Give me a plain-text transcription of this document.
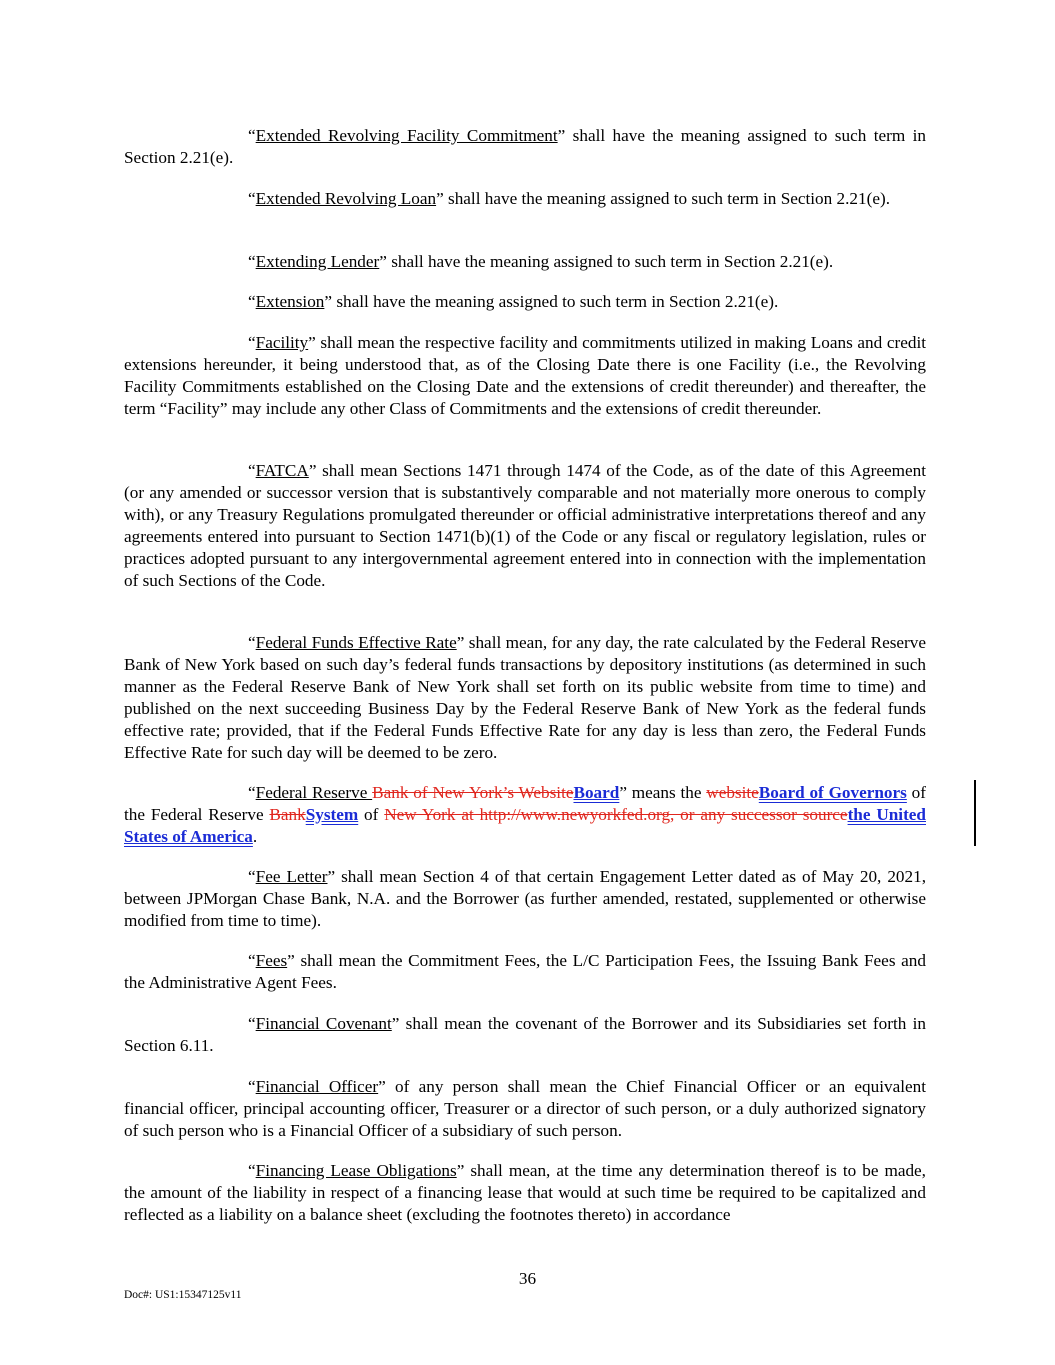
“Extended Revolving Facility Commitment” shall have the meaning assigned to such term in Section 2.21(e).

“Extended Revolving Loan” shall have the meaning assigned to such term in Section 2.21(e).

“Extending Lender” shall have the meaning assigned to such term in Section 2.21(e).

“Extension” shall have the meaning assigned to such term in Section 2.21(e).

“Facility” shall mean the respective facility and commitments utilized in making Loans and credit extensions hereunder, it being understood that, as of the Closing Date there is one Facility (i.e., the Revolving Facility Commitments established on the Closing Date and the extensions of credit thereunder) and thereafter, the term “Facility” may include any other Class of Commitments and the extensions of credit thereunder.

“FATCA” shall mean Sections 1471 through 1474 of the Code, as of the date of this Agreement (or any amended or successor version that is substantively comparable and not materially more onerous to comply with), or any Treasury Regulations promulgated thereunder or official administrative interpretations thereof and any agreements entered into pursuant to Section 1471(b)(1) of the Code or any fiscal or regulatory legislation, rules or practices adopted pursuant to any intergovernmental agreement entered into in connection with the implementation of such Sections of the Code.

“Federal Funds Effective Rate” shall mean, for any day, the rate calculated by the Federal Reserve Bank of New York based on such day’s federal funds transactions by depository institutions (as determined in such manner as the Federal Reserve Bank of New York shall set forth on its public website from time to time) and published on the next succeeding Business Day by the Federal Reserve Bank of New York as the federal funds effective rate; provided, that if the Federal Funds Effective Rate for any day is less than zero, the Federal Funds Effective Rate for such day will be deemed to be zero.

“Federal Reserve Bank of New York’s WebsiteBoard” means the websiteBoard of Governors of the Federal Reserve BankSystem of New York at http://www.newyorkfed.org, or any successor sourcethe United States of America.

“Fee Letter” shall mean Section 4 of that certain Engagement Letter dated as of May 20, 2021, between JPMorgan Chase Bank, N.A. and the Borrower (as further amended, restated, supplemented or otherwise modified from time to time).

“Fees” shall mean the Commitment Fees, the L/C Participation Fees, the Issuing Bank Fees and the Administrative Agent Fees.

“Financial Covenant” shall mean the covenant of the Borrower and its Subsidiaries set forth in Section 6.11.

“Financial Officer” of any person shall mean the Chief Financial Officer or an equivalent financial officer, principal accounting officer, Treasurer or a director of such person, or a duly authorized signatory of such person who is a Financial Officer of a subsidiary of such person.

“Financing Lease Obligations” shall mean, at the time any determination thereof is to be made, the amount of the liability in respect of a financing lease that would at such time be required to be capitalized and reflected as a liability on a balance sheet (excluding the footnotes thereto) in accordance

36
Doc#: US1:15347125v11
